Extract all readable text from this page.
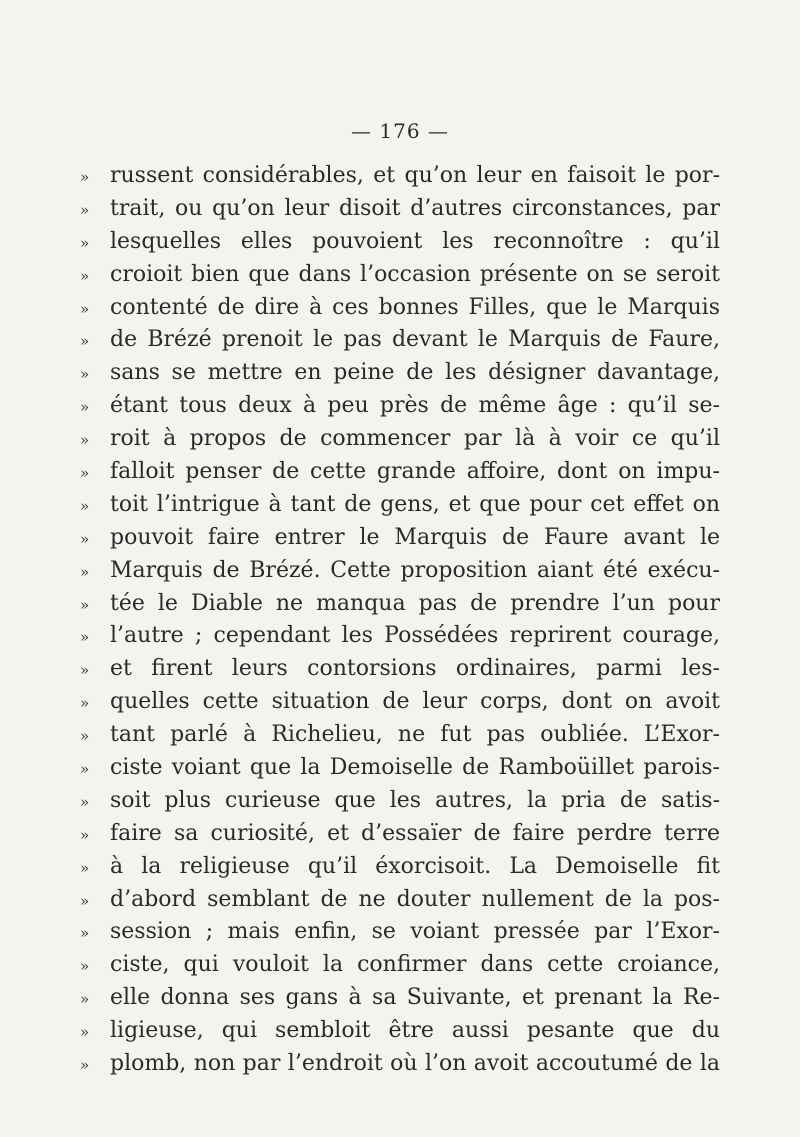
— 176 —
» russent considérables, et qu’on leur en faisoit le por-
» trait, ou qu’on leur disoit d’autres circonstances, par
» lesquelles elles pouvoient les reconnoître : qu’il
» croioit bien que dans l’occasion présente on se seroit
» contenté de dire à ces bonnes Filles, que le Marquis
» de Brézé prenoit le pas devant le Marquis de Faure,
» sans se mettre en peine de les désigner davantage,
» étant tous deux à peu près de même âge : qu’il se-
» roit à propos de commencer par là à voir ce qu’il
» falloit penser de cette grande affoire, dont on impu-
» toit l’intrigue à tant de gens, et que pour cet effet on
» pouvoit faire entrer le Marquis de Faure avant le
» Marquis de Brézé. Cette proposition aiant été exécu-
» tée le Diable ne manqua pas de prendre l’un pour
» l’autre ; cependant les Possédées reprirent courage,
» et firent leurs contorsions ordinaires, parmi les-
» quelles cette situation de leur corps, dont on avoit
» tant parlé à Richelieu, ne fut pas oubliée. L’Exor-
» ciste voiant que la Demoiselle de Ramboüillet parois-
» soit plus curieuse que les autres, la pria de satis-
» faire sa curiosité, et d’essaïer de faire perdre terre
» à la religieuse qu’il éxorcisoit. La Demoiselle fit
» d’abord semblant de ne douter nullement de la pos-
» session ; mais enfin, se voiant pressée par l’Exor-
» ciste, qui vouloit la confirmer dans cette croiance,
» elle donna ses gans à sa Suivante, et prenant la Re-
» ligieuse, qui sembloit être aussi pesante que du
» plomb, non par l’endroit où l’on avoit accoutumé de la
